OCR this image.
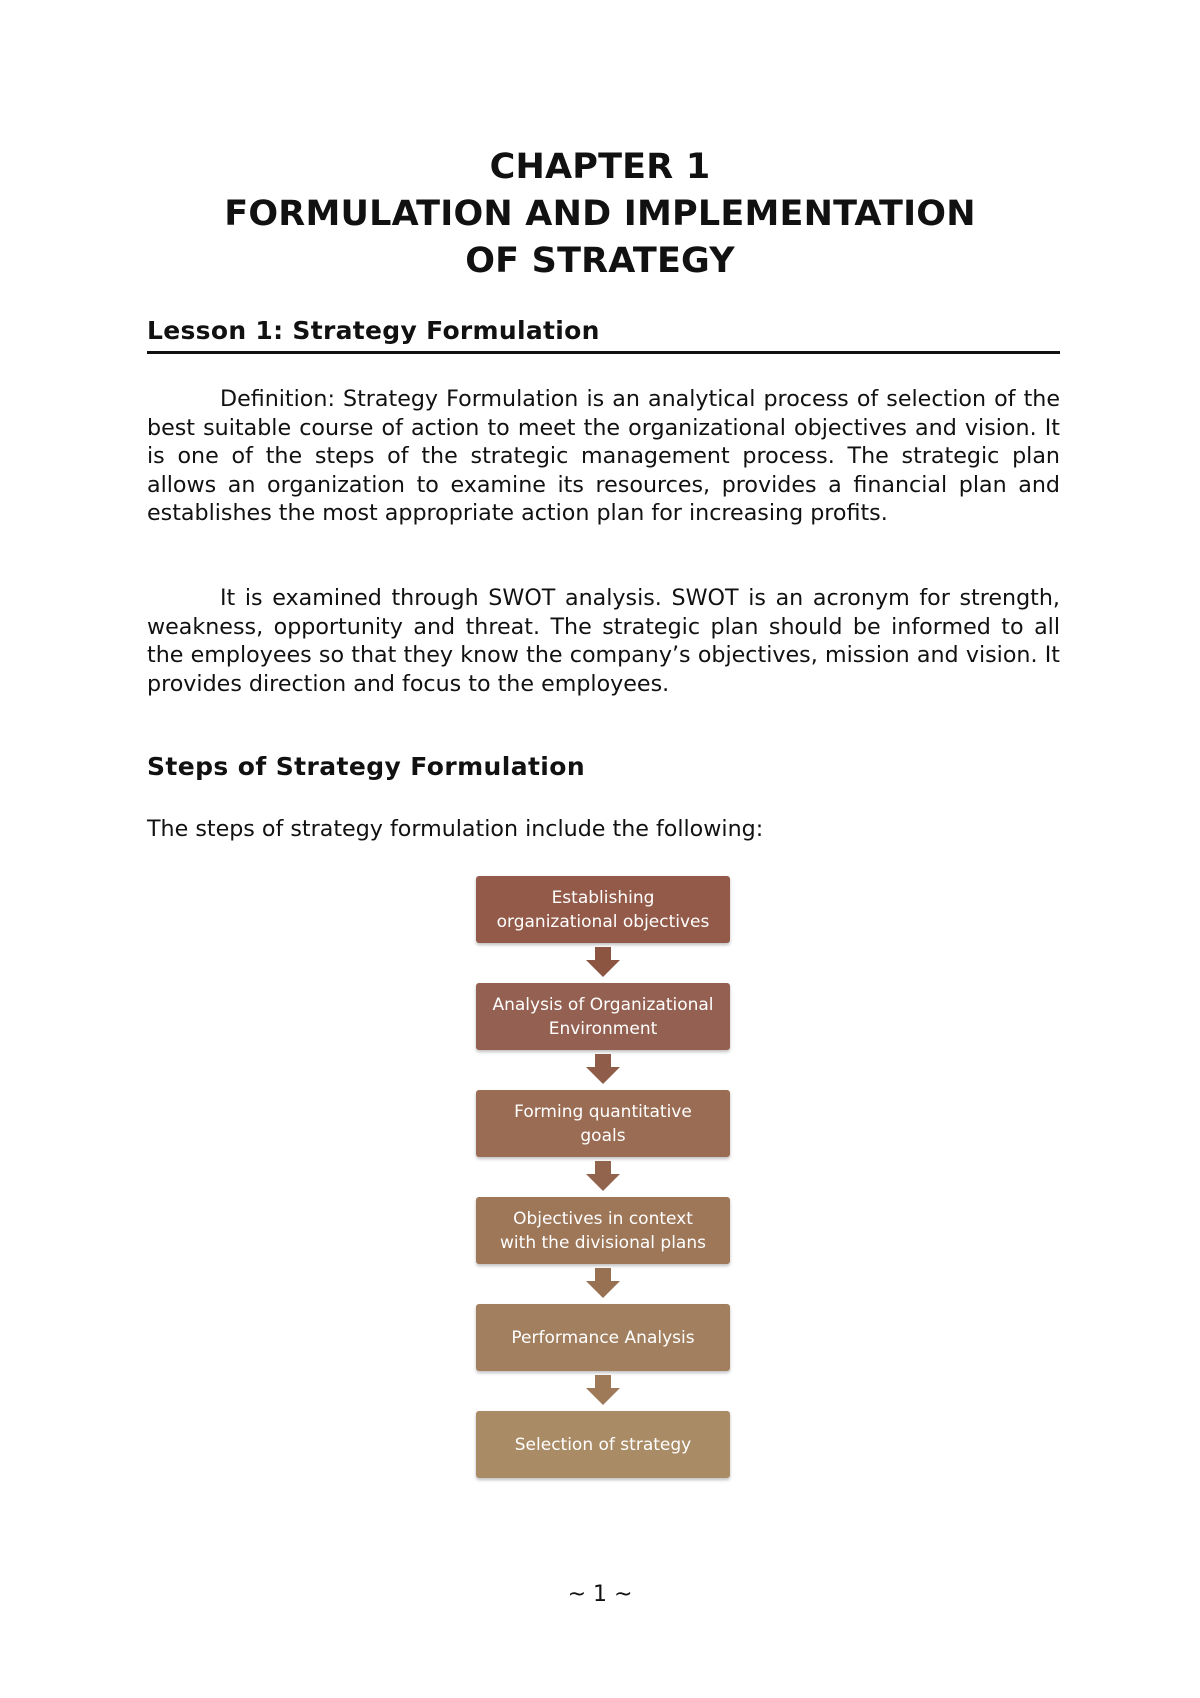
CHAPTER 1
FORMULATION AND IMPLEMENTATION
OF STRATEGY
Lesson 1: Strategy Formulation

Definition: Strategy Formulation is an analytical process of selection of the best suitable course of action to meet the organizational objectives and vision. It is one of the steps of the strategic management process. The strategic plan allows an organization to examine its resources, provides a financial plan and establishes the most appropriate action plan for increasing profits.

It is examined through SWOT analysis. SWOT is an acronym for strength, weakness, opportunity and threat. The strategic plan should be informed to all the employees so that they know the company’s objectives, mission and vision. It provides direction and focus to the employees.

Steps of Strategy Formulation
The steps of strategy formulation include the following:
Establishing
organizational objectives
Analysis of Organizational
Environment
Forming quantitative
goals
Objectives in context
with the divisional plans
Performance Analysis
Selection of strategy
~ 1 ~
